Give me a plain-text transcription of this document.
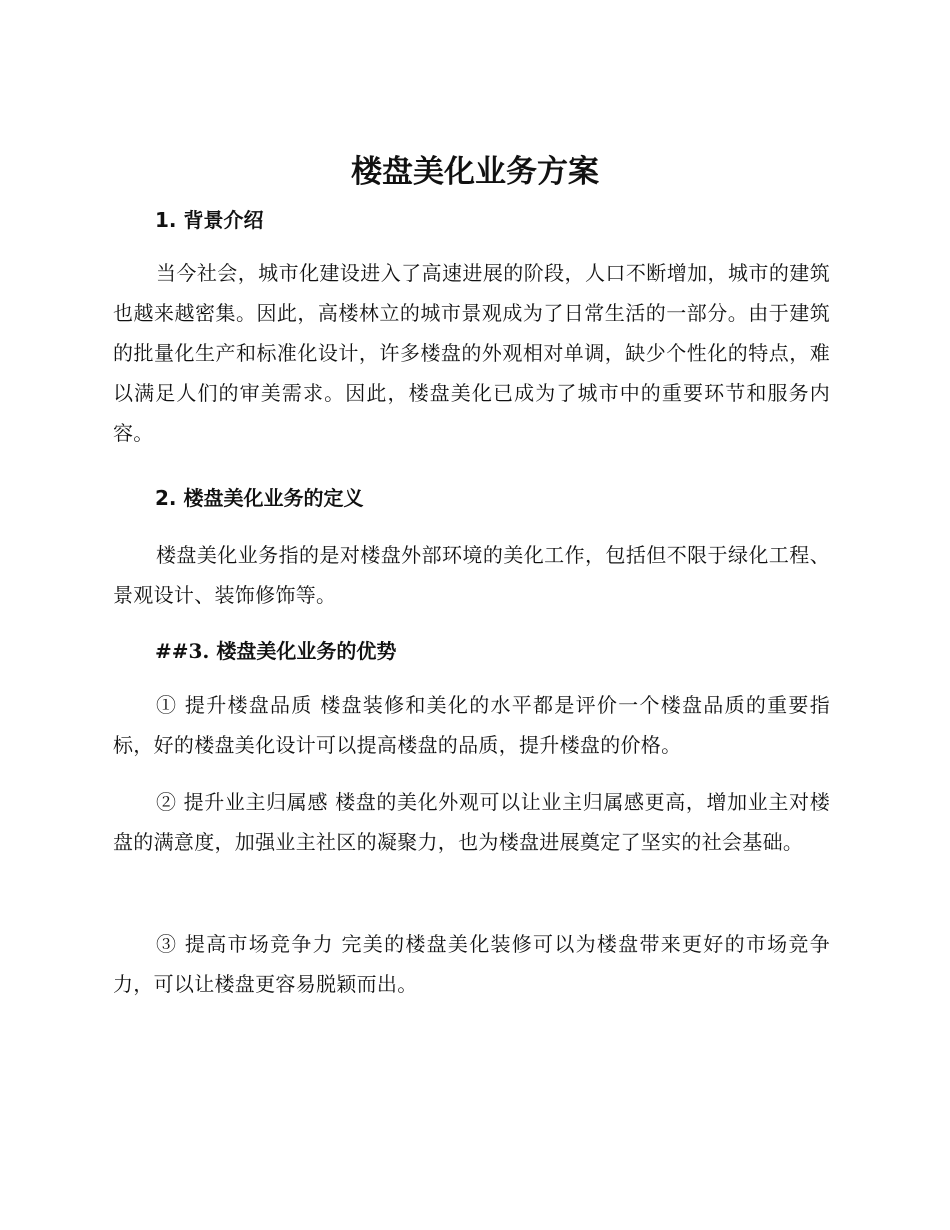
楼盘美化业务方案
1. 背景介绍

当今社会，城市化建设进入了高速进展的阶段，人口不断增加，城市的建筑也越来越密集。因此，高楼林立的城市景观成为了日常生活的一部分。由于建筑的批量化生产和标准化设计，许多楼盘的外观相对单调，缺少个性化的特点，难以满足人们的审美需求。因此，楼盘美化已成为了城市中的重要环节和服务内容。

2. 楼盘美化业务的定义

楼盘美化业务指的是对楼盘外部环境的美化工作，包括但不限于绿化工程、景观设计、装饰修饰等。

##3. 楼盘美化业务的优势

① 提升楼盘品质 楼盘装修和美化的水平都是评价一个楼盘品质的重要指标，好的楼盘美化设计可以提高楼盘的品质，提升楼盘的价格。

② 提升业主归属感 楼盘的美化外观可以让业主归属感更高，增加业主对楼盘的满意度，加强业主社区的凝聚力，也为楼盘进展奠定了坚实的社会基础。

③ 提高市场竞争力 完美的楼盘美化装修可以为楼盘带来更好的市场竞争力，可以让楼盘更容易脱颖而出。
